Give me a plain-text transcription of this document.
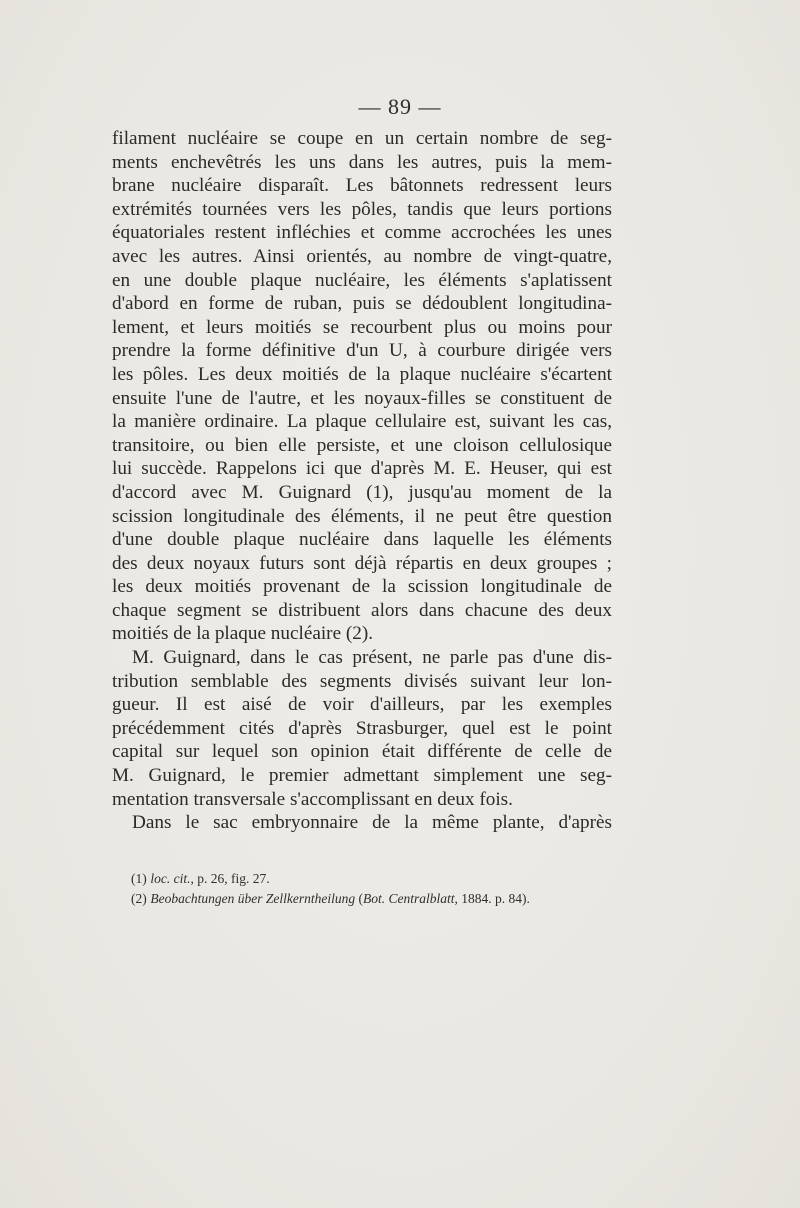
— 89 —
filament nucléaire se coupe en un certain nombre de seg-
ments enchevêtrés les uns dans les autres, puis la mem-
brane nucléaire disparaît. Les bâtonnets redressent leurs
extrémités tournées vers les pôles, tandis que leurs portions
équatoriales restent infléchies et comme accrochées les unes
avec les autres. Ainsi orientés, au nombre de vingt-quatre,
en une double plaque nucléaire, les éléments s'aplatissent
d'abord en forme de ruban, puis se dédoublent longitudina-
lement, et leurs moitiés se recourbent plus ou moins pour
prendre la forme définitive d'un U, à courbure dirigée vers
les pôles. Les deux moitiés de la plaque nucléaire s'écartent
ensuite l'une de l'autre, et les noyaux-filles se constituent de
la manière ordinaire. La plaque cellulaire est, suivant les cas,
transitoire, ou bien elle persiste, et une cloison cellulosique
lui succède. Rappelons ici que d'après M. E. Heuser, qui est
d'accord avec M. Guignard (1), jusqu'au moment de la
scission longitudinale des éléments, il ne peut être question
d'une double plaque nucléaire dans laquelle les éléments
des deux noyaux futurs sont déjà répartis en deux groupes ;
les deux moitiés provenant de la scission longitudinale de
chaque segment se distribuent alors dans chacune des deux
moitiés de la plaque nucléaire (2).
M. Guignard, dans le cas présent, ne parle pas d'une dis-
tribution semblable des segments divisés suivant leur lon-
gueur. Il est aisé de voir d'ailleurs, par les exemples
précédemment cités d'après Strasburger, quel est le point
capital sur lequel son opinion était différente de celle de
M. Guignard, le premier admettant simplement une seg-
mentation transversale s'accomplissant en deux fois.
Dans le sac embryonnaire de la même plante, d'après
(1) loc. cit., p. 26, fig. 27.
(2) Beobachtungen über Zellkerntheilung (Bot. Centralblatt, 1884. p. 84).
